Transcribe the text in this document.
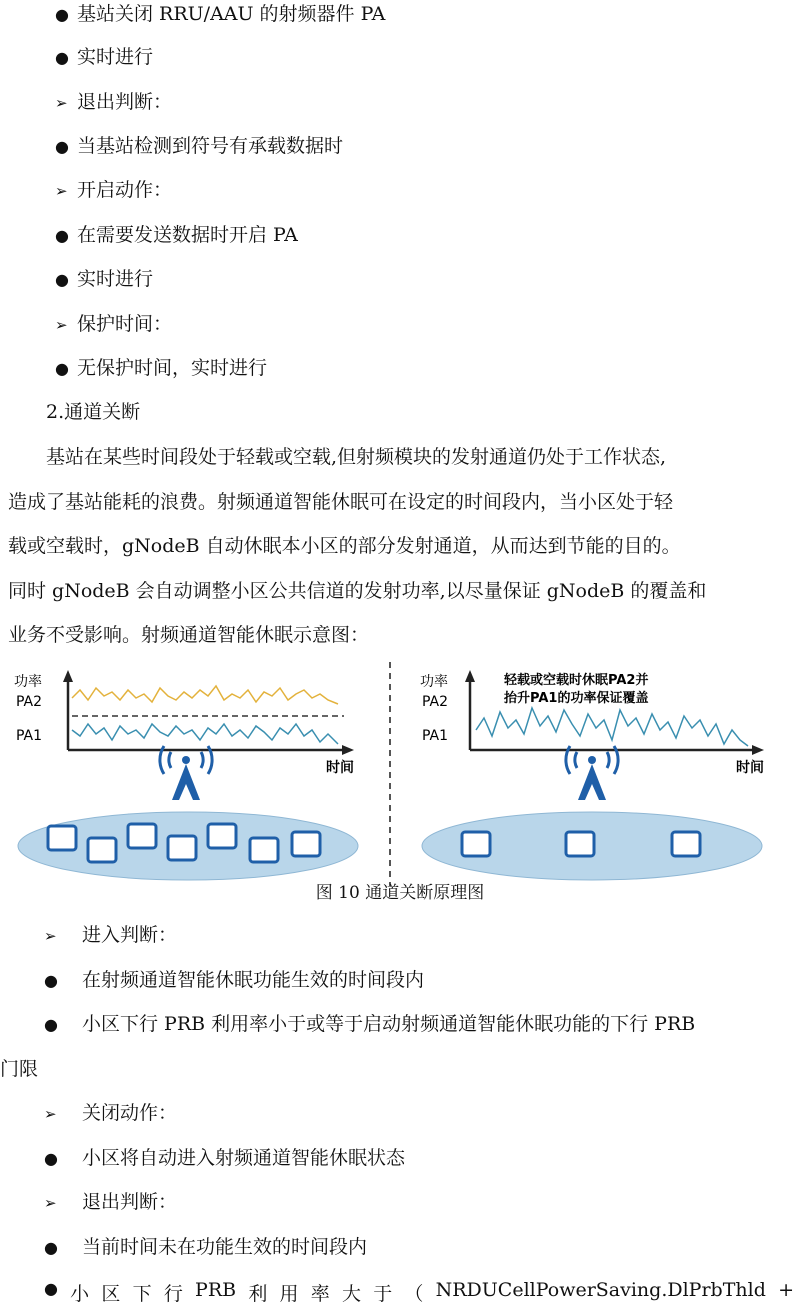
● 基站关闭 RRU/AAU 的射频器件 PA
● 实时进行
➢ 退出判断：
● 当基站检测到符号有承载数据时
➢ 开启动作：
● 在需要发送数据时开启 PA
● 实时进行
➢ 保护时间：
● 无保护时间，实时进行
2.通道关断
　　基站在某些时间段处于轻载或空载,但射频模块的发射通道仍处于工作状态,
造成了基站能耗的浪费。射频通道智能休眠可在设定的时间段内，当小区处于轻
载或空载时，gNodeB 自动休眠本小区的部分发射通道，从而达到节能的目的。
同时 gNodeB 会自动调整小区公共信道的发射功率,以尽量保证 gNodeB 的覆盖和
业务不受影响。射频通道智能休眠示意图：
功率
PA2
PA1
时间
功率
PA2
PA1
轻载或空载时休眠PA2并
抬升PA1的功率保证覆盖
时间
图 10 通道关断原理图
➢ 进入判断：
● 在射频通道智能休眠功能生效的时间段内
● 小区下行 PRB 利用率小于或等于启动射频通道智能休眠功能的下行 PRB
门限
➢ 关闭动作：
● 小区将自动进入射频通道智能休眠状态
➢ 退出判断：
● 当前时间未在功能生效的时间段内
● 小 区 下 行 PRB 利 用 率 大 于 （ NRDUCellPowerSaving.DlPrbThld +
